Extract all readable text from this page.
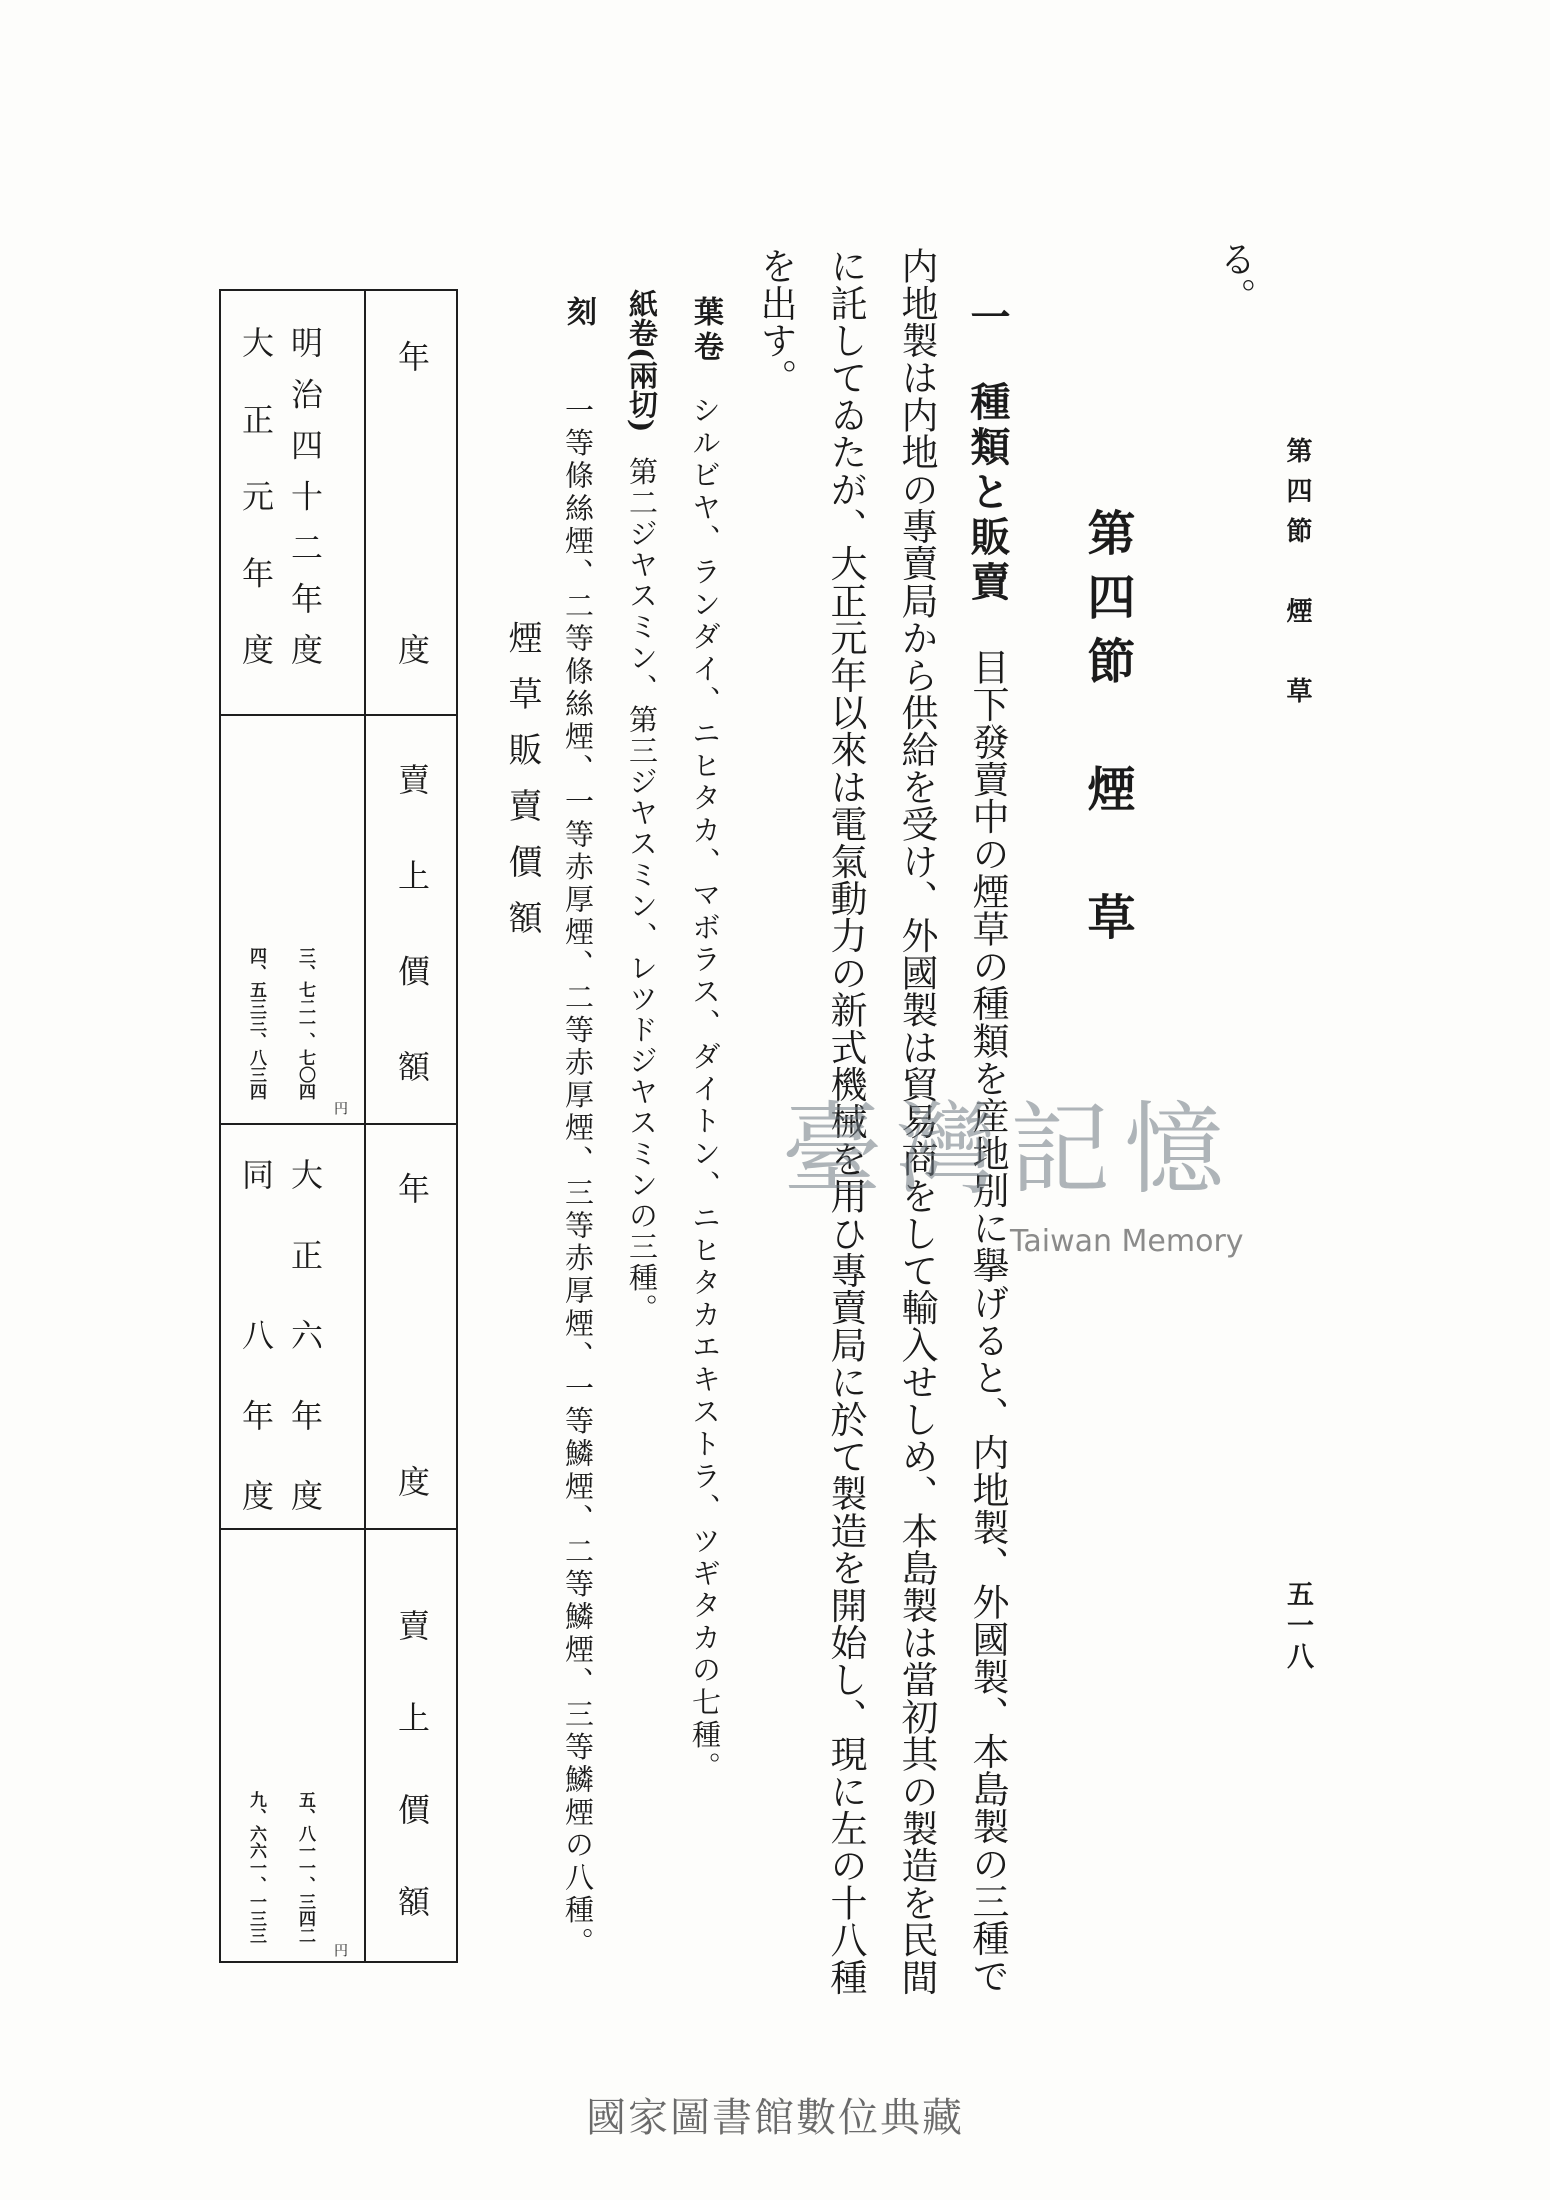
第四節　煙　草
五一八
る。
第四節　煙　草
一種類と販賣目下發賣中の煙草の種類を産地別に擧げると、内地製、外國製、本島製の三種で
内地製は内地の專賣局から供給を受け、外國製は貿易商をして輸入せしめ、本島製は當初其の製造を民間
に託してゐたが、大正元年以來は電氣動力の新式機械を用ひ專賣局に於て製造を開始し、現に左の十八種
を出す。
葉卷シルビヤ、ランダイ、ニヒタカ、マボラス、ダイトン、ニヒタカエキストラ、ツギタカの七種。
紙卷(兩切)第二ジヤスミン、第三ジヤスミン、レツドジヤスミンの三種。
刻一等條絲煙、二等條絲煙、一等赤厚煙、二等赤厚煙、三等赤厚煙、一等鱗煙、二等鱗煙、三等鱗煙の八種。
煙草販賣價額
年度
賣上價額
年度
賣上價額
明治四十二年度
大正元年度
三、七二一、七〇四
四、五三三、八三四
円
大正六年度
同　八年度
五、八一一、三四二
九、六六一、一三三
円
臺灣記憶
Taiwan Memory
國家圖書館數位典藏
